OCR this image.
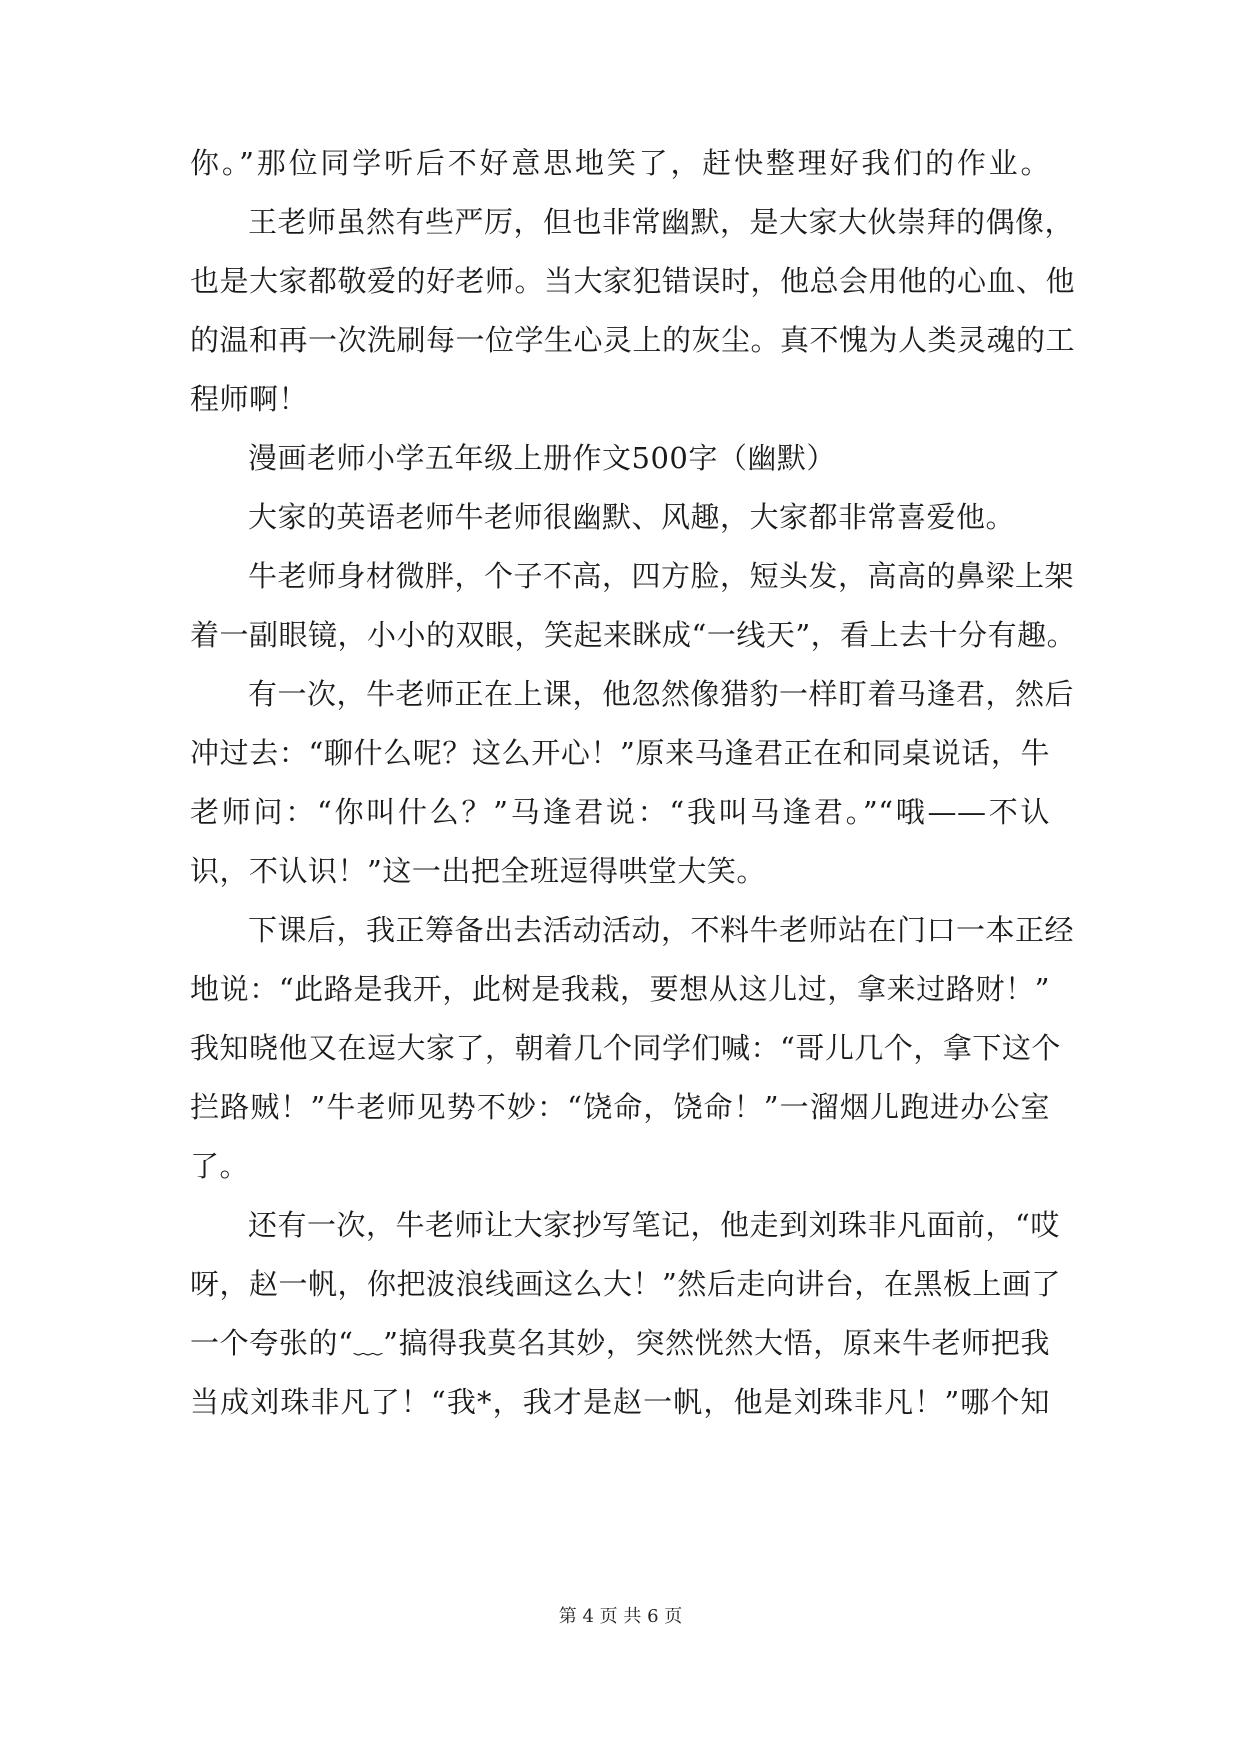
你。”那位同学听后不好意思地笑了，赶快整理好我们的作业。
王老师虽然有些严厉，但也非常幽默，是大家大伙崇拜的偶像，
也是大家都敬爱的好老师。当大家犯错误时，他总会用他的心血、他
的温和再一次洗刷每一位学生心灵上的灰尘。真不愧为人类灵魂的工
程师啊！
漫画老师小学五年级上册作文500字（幽默）
大家的英语老师牛老师很幽默、风趣，大家都非常喜爱他。
牛老师身材微胖，个子不高，四方脸，短头发，高高的鼻梁上架
着一副眼镜，小小的双眼，笑起来眯成“一线天”，看上去十分有趣。
有一次，牛老师正在上课，他忽然像猎豹一样盯着马逢君，然后
冲过去：“聊什么呢？这么开心！”原来马逢君正在和同桌说话，牛
老师问：“你叫什么？”马逢君说：“我叫马逢君。”“哦——不认
识，不认识！”这一出把全班逗得哄堂大笑。
下课后，我正筹备出去活动活动，不料牛老师站在门口一本正经
地说：“此路是我开，此树是我栽，要想从这儿过，拿来过路财！”
我知晓他又在逗大家了，朝着几个同学们喊：“哥儿几个，拿下这个
拦路贼！”牛老师见势不妙：“饶命，饶命！”一溜烟儿跑进办公室
了。
还有一次，牛老师让大家抄写笔记，他走到刘珠非凡面前，“哎
呀，赵一帆，你把波浪线画这么大！”然后走向讲台，在黑板上画了
一个夸张的“﹏”搞得我莫名其妙，突然恍然大悟，原来牛老师把我
当成刘珠非凡了！“我*，我才是赵一帆，他是刘珠非凡！”哪个知
第 4 页 共 6 页
